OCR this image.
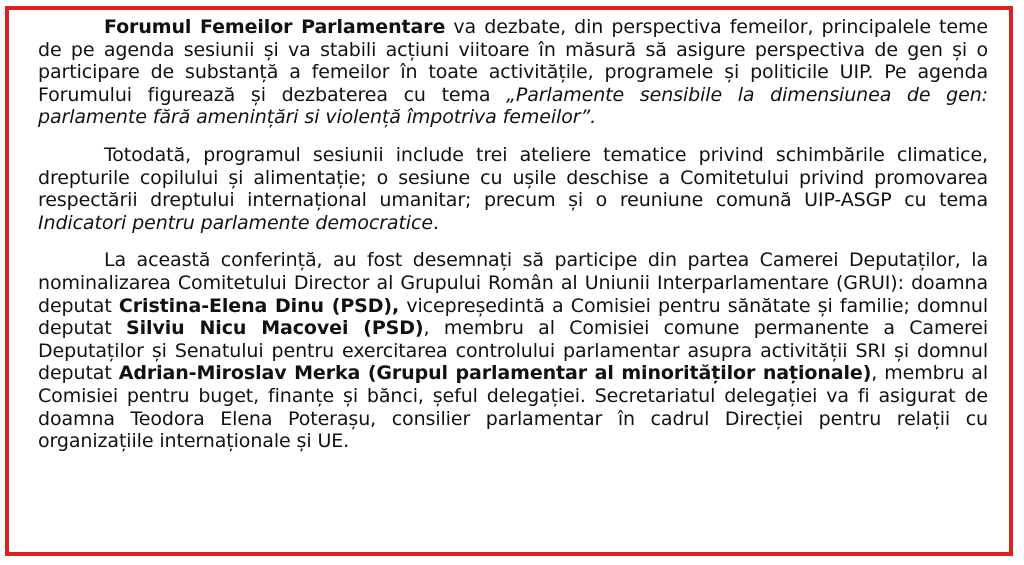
Forumul Femeilor Parlamentare va dezbate, din perspectiva femeilor, principalele teme de pe agenda sesiunii și va stabili acțiuni viitoare în măsură să asigure perspectiva de gen și o participare de substanță a femeilor în toate activitățile, programele și politicile UIP. Pe agenda Forumului figurează și dezbaterea cu tema „Parlamente sensibile la dimensiunea de gen: parlamente fără amenințări si violență împotriva femeilor”.

Totodată, programul sesiunii include trei ateliere tematice privind schimbările climatice, drepturile copilului și alimentație; o sesiune cu ușile deschise a Comitetului privind promovarea respectării dreptului internațional umanitar; precum și o reuniune comună UIP-ASGP cu tema Indicatori pentru parlamente democratice.

La această conferință, au fost desemnați să participe din partea Camerei Deputaților, la nominalizarea Comitetului Director al Grupului Român al Uniunii Interparlamentare (GRUI): doamna deputat Cristina-Elena Dinu (PSD), vicepreședintă a Comisiei pentru sănătate și familie; domnul deputat Silviu Nicu Macovei (PSD), membru al Comisiei comune permanente a Camerei Deputaților și Senatului pentru exercitarea controlului parlamentar asupra activității SRI și domnul deputat Adrian-Miroslav Merka (Grupul parlamentar al minorităților naționale), membru al Comisiei pentru buget, finanțe și bănci, șeful delegației. Secretariatul delegației va fi asigurat de doamna Teodora Elena Poterașu, consilier parlamentar în cadrul Direcției pentru relații cu organizațiile internaționale și UE.
